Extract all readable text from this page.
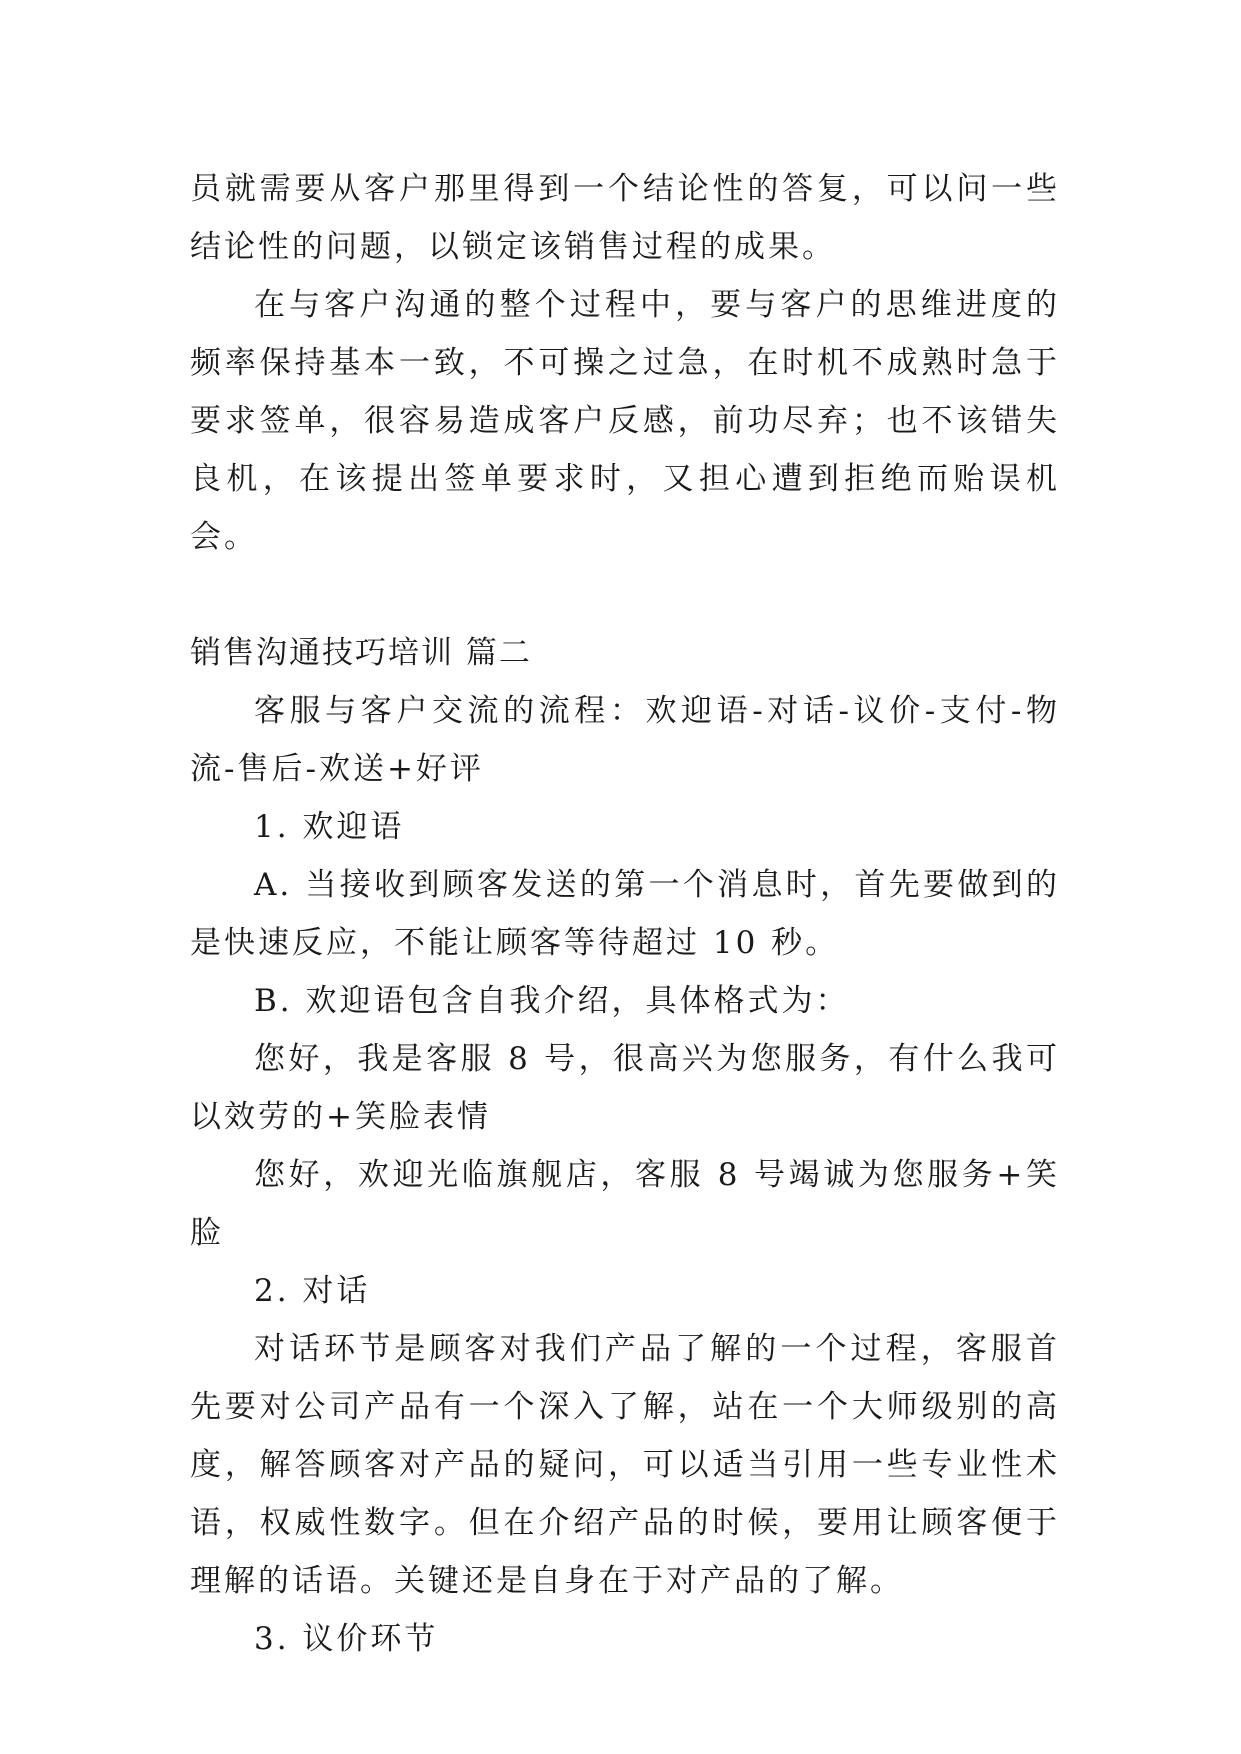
员就需要从客户那里得到一个结论性的答复，可以问一些结论性的问题，以锁定该销售过程的成果。

在与客户沟通的整个过程中，要与客户的思维进度的频率保持基本一致，不可操之过急，在时机不成熟时急于要求签单，很容易造成客户反感，前功尽弃；也不该错失良机，在该提出签单要求时，又担心遭到拒绝而贻误机会。

销售沟通技巧培训 篇二

客服与客户交流的流程：欢迎语-对话-议价-支付-物流-售后-欢送+好评

1. 欢迎语

A. 当接收到顾客发送的第一个消息时，首先要做到的是快速反应，不能让顾客等待超过 10 秒。

B. 欢迎语包含自我介绍，具体格式为：

您好，我是客服 8 号，很高兴为您服务，有什么我可以效劳的+笑脸表情

您好，欢迎光临旗舰店，客服 8 号竭诚为您服务+笑脸

2. 对话

对话环节是顾客对我们产品了解的一个过程，客服首先要对公司产品有一个深入了解，站在一个大师级别的高度，解答顾客对产品的疑问，可以适当引用一些专业性术语，权威性数字。但在介绍产品的时候，要用让顾客便于理解的话语。关键还是自身在于对产品的了解。

3. 议价环节
